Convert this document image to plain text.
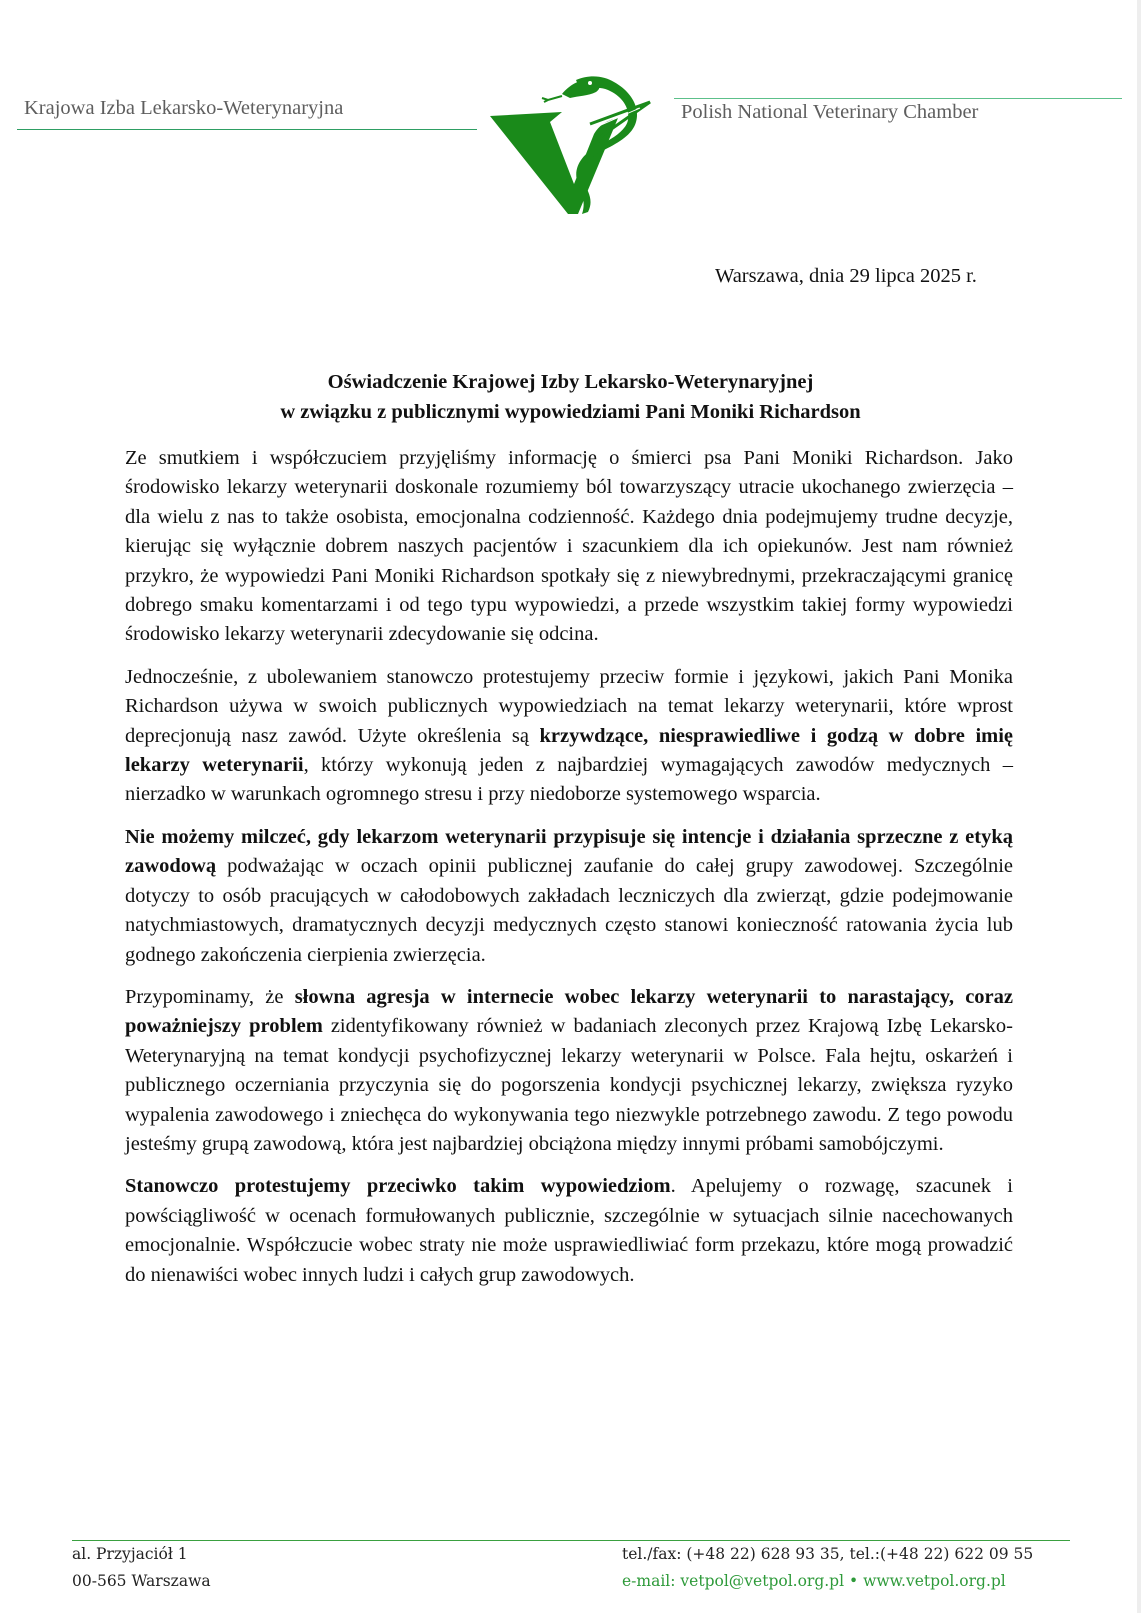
Krajowa Izba Lekarsko-Weterynaryjna	Polish National Veterinary Chamber
Warszawa, dnia 29 lipca 2025 r.
Oświadczenie Krajowej Izby Lekarsko-Weterynaryjnej
w związku z publicznymi wypowiedziami Pani Moniki Richardson

Ze smutkiem i współczuciem przyjęliśmy informację o śmierci psa Pani Moniki Richardson. Jako środowisko lekarzy weterynarii doskonale rozumiemy ból towarzyszący utracie ukochanego zwierzęcia – dla wielu z nas to także osobista, emocjonalna codzienność. Każdego dnia podejmujemy trudne decyzje, kierując się wyłącznie dobrem naszych pacjentów i szacunkiem dla ich opiekunów. Jest nam również przykro, że wypowiedzi Pani Moniki Richardson spotkały się z niewybrednymi, przekraczającymi granicę dobrego smaku komentarzami i od tego typu wypowiedzi, a przede wszystkim takiej formy wypowiedzi środowisko lekarzy weterynarii zdecydowanie się odcina.

Jednocześnie, z ubolewaniem stanowczo protestujemy przeciw formie i językowi, jakich Pani Monika Richardson używa w swoich publicznych wypowiedziach na temat lekarzy weterynarii, które wprost deprecjonują nasz zawód. Użyte określenia są krzywdzące, niesprawiedliwe i godzą w dobre imię lekarzy weterynarii, którzy wykonują jeden z najbardziej wymagających zawodów medycznych – nierzadko w warunkach ogromnego stresu i przy niedoborze systemowego wsparcia.

Nie możemy milczeć, gdy lekarzom weterynarii przypisuje się intencje i działania sprzeczne z etyką zawodową podważając w oczach opinii publicznej zaufanie do całej grupy zawodowej. Szczególnie dotyczy to osób pracujących w całodobowych zakładach leczniczych dla zwierząt, gdzie podejmowanie natychmiastowych, dramatycznych decyzji medycznych często stanowi konieczność ratowania życia lub godnego zakończenia cierpienia zwierzęcia.

Przypominamy, że słowna agresja w internecie wobec lekarzy weterynarii to narastający, coraz poważniejszy problem zidentyfikowany również w badaniach zleconych przez Krajową Izbę Lekarsko-Weterynaryjną na temat kondycji psychofizycznej lekarzy weterynarii w Polsce. Fala hejtu, oskarżeń i publicznego oczerniania przyczynia się do pogorszenia kondycji psychicznej lekarzy, zwiększa ryzyko wypalenia zawodowego i zniechęca do wykonywania tego niezwykle potrzebnego zawodu. Z tego powodu jesteśmy grupą zawodową, która jest najbardziej obciążona między innymi próbami samobójczymi.

Stanowczo protestujemy przeciwko takim wypowiedziom. Apelujemy o rozwagę, szacunek i powściągliwość w ocenach formułowanych publicznie, szczególnie w sytuacjach silnie nacechowanych emocjonalnie. Współczucie wobec straty nie może usprawiedliwiać form przekazu, które mogą prowadzić do nienawiści wobec innych ludzi i całych grup zawodowych.

al. Przyjaciół 1
00-565 Warszawa
tel./fax: (+48 22) 628 93 35, tel.:(+48 22) 622 09 55
e-mail: vetpol@vetpol.org.pl • www.vetpol.org.pl
